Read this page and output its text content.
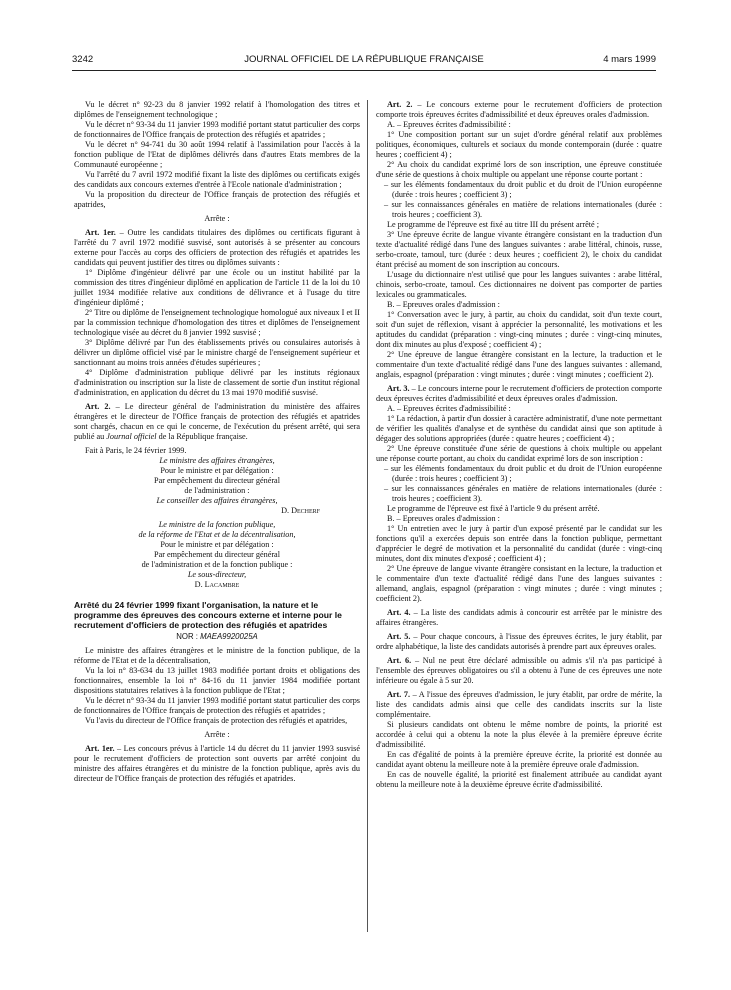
3242	JOURNAL OFFICIEL DE LA RÉPUBLIQUE FRANÇAISE	4 mars 1999

Vu le décret n° 92-23 du 8 janvier 1992 relatif à l'homologation des titres et diplômes de l'enseignement technologique ;

Vu le décret n° 93-34 du 11 janvier 1993 modifié portant statut particulier des corps de fonctionnaires de l'Office français de protection des réfugiés et apatrides ;

Vu le décret n° 94-741 du 30 août 1994 relatif à l'assimilation pour l'accès à la fonction publique de l'Etat de diplômes délivrés dans d'autres Etats membres de la Communauté européenne ;

Vu l'arrêté du 7 avril 1972 modifié fixant la liste des diplômes ou certificats exigés des candidats aux concours externes d'entrée à l'Ecole nationale d'administration ;

Vu la proposition du directeur de l'Office français de protection des réfugiés et apatrides,

Arrête :

Art. 1er. – Outre les candidats titulaires des diplômes ou certificats figurant à l'arrêté du 7 avril 1972 modifié susvisé, sont autorisés à se présenter au concours externe pour l'accès au corps des officiers de protection des réfugiés et apatrides les candidats qui peuvent justifier des titres ou diplômes suivants :

1° Diplôme d'ingénieur délivré par une école ou un institut habilité par la commission des titres d'ingénieur diplômé en application de l'article 11 de la loi du 10 juillet 1934 modifiée relative aux conditions de délivrance et à l'usage du titre d'ingénieur diplômé ;

2° Titre ou diplôme de l'enseignement technologique homologué aux niveaux I et II par la commission technique d'homologation des titres et diplômes de l'enseignement technologique visée au décret du 8 janvier 1992 susvisé ;

3° Diplôme délivré par l'un des établissements privés ou consulaires autorisés à délivrer un diplôme officiel visé par le ministre chargé de l'enseignement supérieur et sanctionnant au moins trois années d'études supérieures ;

4° Diplôme d'administration publique délivré par les instituts régionaux d'administration ou inscription sur la liste de classement de sortie d'un institut régional d'administration, en application du décret du 13 mai 1970 modifié susvisé.

Art. 2. – Le directeur général de l'administration du ministère des affaires étrangères et le directeur de l'Office français de protection des réfugiés et apatrides sont chargés, chacun en ce qui le concerne, de l'exécution du présent arrêté, qui sera publié au Journal officiel de la République française.

Fait à Paris, le 24 février 1999.

Le ministre des affaires étrangères,

Pour le ministre et par délégation :

Par empêchement du directeur général

de l'administration :

Le conseiller des affaires étrangères,

D. Decherf

Le ministre de la fonction publique,

de la réforme de l'Etat et de la décentralisation,

Pour le ministre et par délégation :

Par empêchement du directeur général

de l'administration et de la fonction publique :

Le sous-directeur,

D. Lacambre

Arrêté du 24 février 1999 fixant l'organisation, la nature et le programme des épreuves des concours externe et interne pour le recrutement d'officiers de protection des réfugiés et apatrides

NOR : MAEA9920025A

Le ministre des affaires étrangères et le ministre de la fonction publique, de la réforme de l'Etat et de la décentralisation,

Vu la loi n° 83-634 du 13 juillet 1983 modifiée portant droits et obligations des fonctionnaires, ensemble la loi n° 84-16 du 11 janvier 1984 modifiée portant dispositions statutaires relatives à la fonction publique de l'Etat ;

Vu le décret n° 93-34 du 11 janvier 1993 modifié portant statut particulier des corps de fonctionnaires de l'Office français de protection des réfugiés et apatrides ;

Vu l'avis du directeur de l'Office français de protection des réfugiés et apatrides,

Arrête :

Art. 1er. – Les concours prévus à l'article 14 du décret du 11 janvier 1993 susvisé pour le recrutement d'officiers de protection sont ouverts par arrêté conjoint du ministre des affaires étrangères et du ministre de la fonction publique, après avis du directeur de l'Office français de protection des réfugiés et apatrides.

Art. 2. – Le concours externe pour le recrutement d'officiers de protection comporte trois épreuves écrites d'admissibilité et deux épreuves orales d'admission.

A. – Epreuves écrites d'admissibilité :

1° Une composition portant sur un sujet d'ordre général relatif aux problèmes politiques, économiques, culturels et sociaux du monde contemporain (durée : quatre heures ; coefficient 4) ;

2° Au choix du candidat exprimé lors de son inscription, une épreuve constituée d'une série de questions à choix multiple ou appelant une réponse courte portant :

– sur les éléments fondamentaux du droit public et du droit de l'Union européenne (durée : trois heures ; coefficient 3) ;

– sur les connaissances générales en matière de relations internationales (durée : trois heures ; coefficient 3).

Le programme de l'épreuve est fixé au titre III du présent arrêté ;

3° Une épreuve écrite de langue vivante étrangère consistant en la traduction d'un texte d'actualité rédigé dans l'une des langues suivantes : arabe littéral, chinois, russe, serbo-croate, tamoul, turc (durée : deux heures ; coefficient 2), le choix du candidat étant précisé au moment de son inscription au concours.

L'usage du dictionnaire n'est utilisé que pour les langues suivantes : arabe littéral, chinois, serbo-croate, tamoul. Ces dictionnaires ne doivent pas comporter de parties lexicales ou grammaticales.

B. – Epreuves orales d'admission :

1° Conversation avec le jury, à partir, au choix du candidat, soit d'un texte court, soit d'un sujet de réflexion, visant à apprécier la personnalité, les motivations et les aptitudes du candidat (préparation : vingt-cinq minutes ; durée : vingt-cinq minutes, dont dix minutes au plus d'exposé ; coefficient 4) ;

2° Une épreuve de langue étrangère consistant en la lecture, la traduction et le commentaire d'un texte d'actualité rédigé dans l'une des langues suivantes : allemand, anglais, espagnol (préparation : vingt minutes ; durée : vingt minutes ; coefficient 2).

Art. 3. – Le concours interne pour le recrutement d'officiers de protection comporte deux épreuves écrites d'admissibilité et deux épreuves orales d'admission.

A. – Epreuves écrites d'admissibilité :

1° La rédaction, à partir d'un dossier à caractère administratif, d'une note permettant de vérifier les qualités d'analyse et de synthèse du candidat ainsi que son aptitude à dégager des solutions appropriées (durée : quatre heures ; coefficient 4) ;

2° Une épreuve constituée d'une série de questions à choix multiple ou appelant une réponse courte portant, au choix du candidat exprimé lors de son inscription :

– sur les éléments fondamentaux du droit public et du droit de l'Union européenne (durée : trois heures ; coefficient 3) ;

– sur les connaissances générales en matière de relations internationales (durée : trois heures ; coefficient 3).

Le programme de l'épreuve est fixé à l'article 9 du présent arrêté.

B. – Epreuves orales d'admission :

1° Un entretien avec le jury à partir d'un exposé présenté par le candidat sur les fonctions qu'il a exercées depuis son entrée dans la fonction publique, permettant d'apprécier le degré de motivation et la personnalité du candidat (durée : vingt-cinq minutes, dont dix minutes d'exposé ; coefficient 4) ;

2° Une épreuve de langue vivante étrangère consistant en la lecture, la traduction et le commentaire d'un texte d'actualité rédigé dans l'une des langues suivantes : allemand, anglais, espagnol (préparation : vingt minutes ; durée : vingt minutes ; coefficient 2).

Art. 4. – La liste des candidats admis à concourir est arrêtée par le ministre des affaires étrangères.

Art. 5. – Pour chaque concours, à l'issue des épreuves écrites, le jury établit, par ordre alphabétique, la liste des candidats autorisés à prendre part aux épreuves orales.

Art. 6. – Nul ne peut être déclaré admissible ou admis s'il n'a pas participé à l'ensemble des épreuves obligatoires ou s'il a obtenu à l'une de ces épreuves une note inférieure ou égale à 5 sur 20.

Art. 7. – A l'issue des épreuves d'admission, le jury établit, par ordre de mérite, la liste des candidats admis ainsi que celle des candidats inscrits sur la liste complémentaire.

Si plusieurs candidats ont obtenu le même nombre de points, la priorité est accordée à celui qui a obtenu la note la plus élevée à la première épreuve écrite d'admissibilité.

En cas d'égalité de points à la première épreuve écrite, la priorité est donnée au candidat ayant obtenu la meilleure note à la première épreuve orale d'admission.

En cas de nouvelle égalité, la priorité est finalement attribuée au candidat ayant obtenu la meilleure note à la deuxième épreuve écrite d'admissibilité.
